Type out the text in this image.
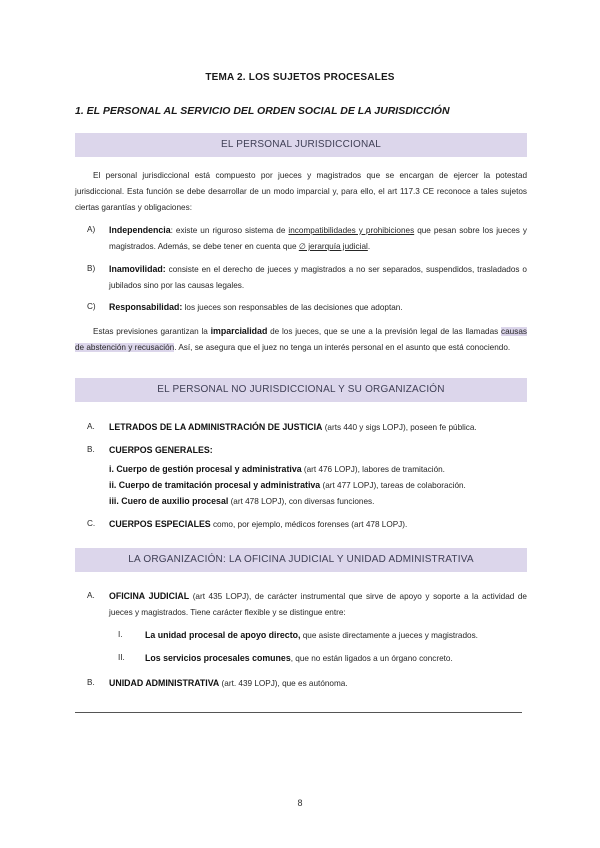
TEMA 2. LOS SUJETOS PROCESALES
1. EL PERSONAL AL SERVICIO DEL ORDEN SOCIAL DE LA JURISDICCIÓN
EL PERSONAL JURISDICCIONAL
El personal jurisdiccional está compuesto por jueces y magistrados que se encargan de ejercer la potestad jurisdiccional. Esta función se debe desarrollar de un modo imparcial y, para ello, el art 117.3 CE reconoce a tales sujetos ciertas garantías y obligaciones:
A) Independencia: existe un riguroso sistema de incompatibilidades y prohibiciones que pesan sobre los jueces y magistrados. Además, se debe tener en cuenta que ∅ jerarquía judicial.
B) Inamovilidad: consiste en el derecho de jueces y magistrados a no ser separados, suspendidos, trasladados o jubilados sino por las causas legales.
C) Responsabilidad: los jueces son responsables de las decisiones que adoptan.
Estas previsiones garantizan la imparcialidad de los jueces, que se une a la previsión legal de las llamadas causas de abstención y recusación. Así, se asegura que el juez no tenga un interés personal en el asunto que está conociendo.
EL PERSONAL NO JURISDICCIONAL Y SU ORGANIZACIÓN
A. LETRADOS DE LA ADMINISTRACIÓN DE JUSTICIA (arts 440 y sigs LOPJ), poseen fe pública.
B. CUERPOS GENERALES:
i. Cuerpo de gestión procesal y administrativa (art 476 LOPJ), labores de tramitación.
ii. Cuerpo de tramitación procesal y administrativa (art 477 LOPJ), tareas de colaboración.
iii. Cuero de auxilio procesal (art 478 LOPJ), con diversas funciones.
C. CUERPOS ESPECIALES como, por ejemplo, médicos forenses (art 478 LOPJ).
LA ORGANIZACIÓN: LA OFICINA JUDICIAL Y UNIDAD ADMINISTRATIVA
A. OFICINA JUDICIAL (art 435 LOPJ), de carácter instrumental que sirve de apoyo y soporte a la actividad de jueces y magistrados. Tiene carácter flexible y se distingue entre:
I.	La unidad procesal de apoyo directo, que asiste directamente a jueces y magistrados.
II. Los servicios procesales comunes, que no están ligados a un órgano concreto.
B. UNIDAD ADMINISTRATIVA (art. 439 LOPJ), que es autónoma.
8
